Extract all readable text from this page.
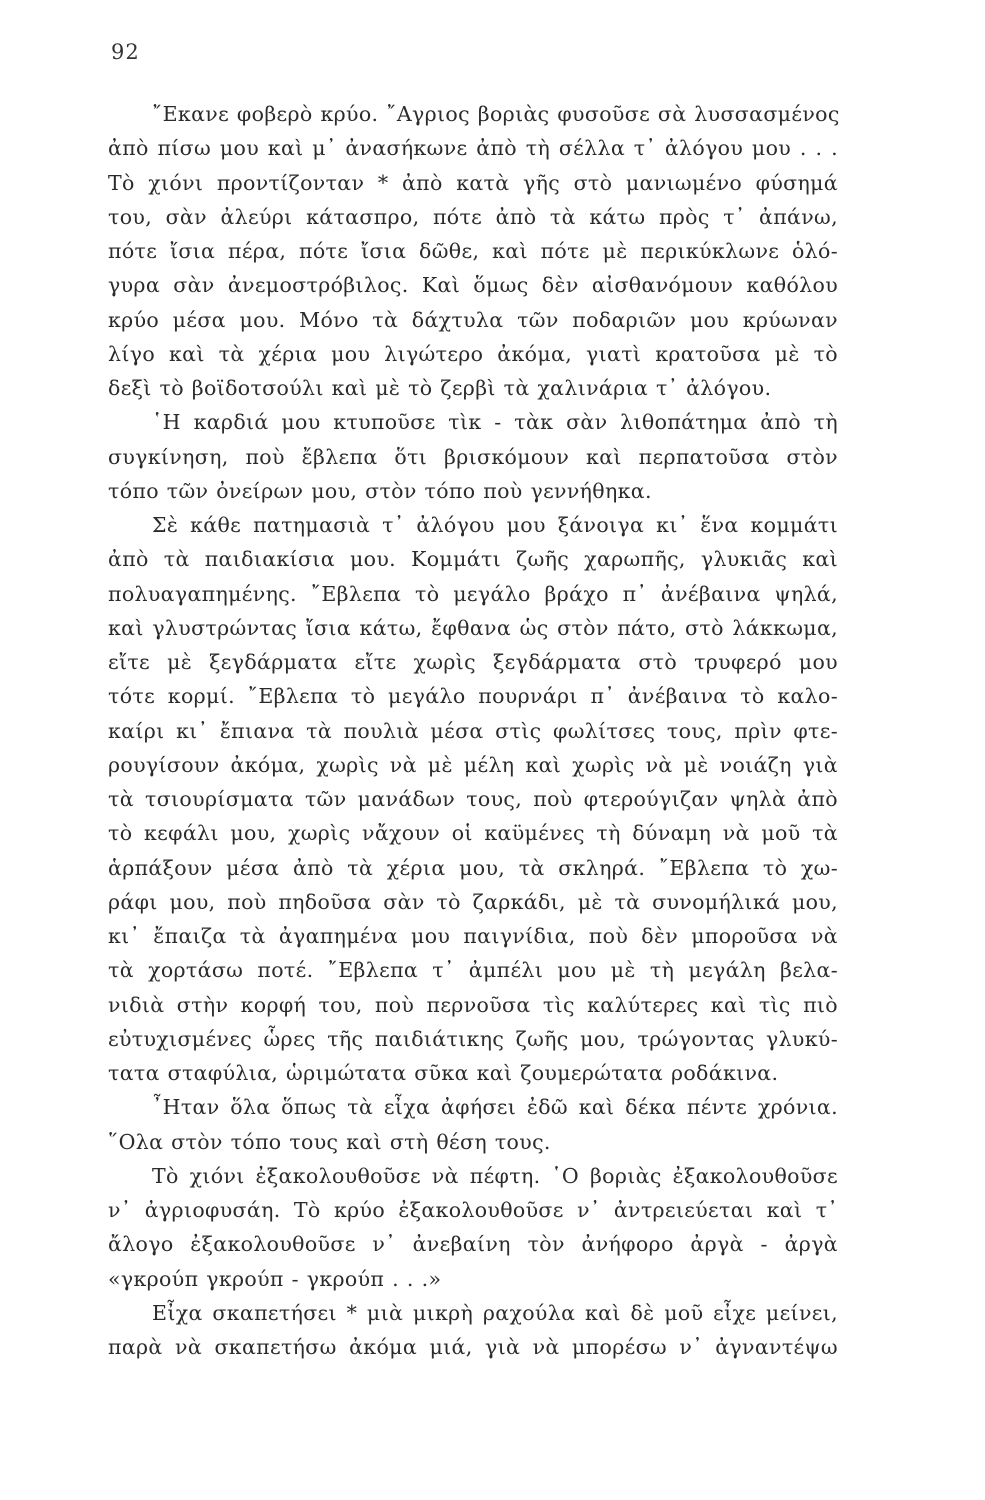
92
῎Εκανε φοβερὸ κρύο. ῎Αγριος βοριὰς φυσοῦσε σὰ λυσσασμένος
ἀπὸ πίσω μου καὶ μ᾿ ἀνασήκωνε ἀπὸ τὴ σέλλα τ᾿ ἀλόγου μου . . .
Τὸ χιόνι προντίζονταν * ἀπὸ κατὰ γῆς στὸ μανιωμένο φύσημά
του, σὰν ἀλεύρι κάτασπρο, πότε ἀπὸ τὰ κάτω πρὸς τ᾿ ἀπάνω,
πότε ἴσια πέρα, πότε ἴσια δῶθε, καὶ πότε μὲ περικύκλωνε ὁλό-
γυρα σὰν ἀνεμοστρόβιλος. Καὶ ὅμως δὲν αἰσθανόμουν καθόλου
κρύο μέσα μου. Μόνο τὰ δάχτυλα τῶν ποδαριῶν μου κρύωναν
λίγο καὶ τὰ χέρια μου λιγώτερο ἀκόμα, γιατὶ κρατοῦσα μὲ τὸ
δεξὶ τὸ βοϊδοτσούλι καὶ μὲ τὸ ζερβὶ τὰ χαλινάρια τ᾿ ἀλόγου.
῾Η καρδιά μου κτυποῦσε τὶκ - τὰκ σὰν λιθοπάτημα ἀπὸ τὴ
συγκίνηση, ποὺ ἔβλεπα ὅτι βρισκόμουν καὶ περπατοῦσα στὸν
τόπο τῶν ὀνείρων μου, στὸν τόπο ποὺ γεννήθηκα.
Σὲ κάθε πατημασιὰ τ᾿ ἀλόγου μου ξάνοιγα κι᾿ ἕνα κομμάτι
ἀπὸ τὰ παιδιακίσια μου. Κομμάτι ζωῆς χαρωπῆς, γλυκιᾶς καὶ
πολυαγαπημένης. ῎Εβλεπα τὸ μεγάλο βράχο π᾿ ἀνέβαινα ψηλά,
καὶ γλυστρώντας ἴσια κάτω, ἔφθανα ὡς στὸν πάτο, στὸ λάκκωμα,
εἴτε μὲ ξεγδάρματα εἴτε χωρὶς ξεγδάρματα στὸ τρυφερό μου
τότε κορμί. ῎Εβλεπα τὸ μεγάλο πουρνάρι π᾿ ἀνέβαινα τὸ καλο-
καίρι κι᾿ ἔπιανα τὰ πουλιὰ μέσα στὶς φωλίτσες τους, πρὶν φτε-
ρουγίσουν ἀκόμα, χωρὶς νὰ μὲ μέλη καὶ χωρὶς νὰ μὲ νοιάζη γιὰ
τὰ τσιουρίσματα τῶν μανάδων τους, ποὺ φτερούγιζαν ψηλὰ ἀπὸ
τὸ κεφάλι μου, χωρὶς νἄχουν οἱ καϋμένες τὴ δύναμη νὰ μοῦ τὰ
ἁρπάξουν μέσα ἀπὸ τὰ χέρια μου, τὰ σκληρά. ῎Εβλεπα τὸ χω-
ράφι μου, ποὺ πηδοῦσα σὰν τὸ ζαρκάδι, μὲ τὰ συνομήλικά μου,
κι᾿ ἔπαιζα τὰ ἀγαπημένα μου παιγνίδια, ποὺ δὲν μποροῦσα νὰ
τὰ χορτάσω ποτέ. ῎Εβλεπα τ᾿ ἀμπέλι μου μὲ τὴ μεγάλη βελα-
νιδιὰ στὴν κορφή του, ποὺ περνοῦσα τὶς καλύτερες καὶ τὶς πιὸ
εὐτυχισμένες ὧρες τῆς παιδιάτικης ζωῆς μου, τρώγοντας γλυκύ-
τατα σταφύλια, ὡριμώτατα σῦκα καὶ ζουμερώτατα ροδάκινα.
῏Ηταν ὅλα ὅπως τὰ εἶχα ἀφήσει ἐδῶ καὶ δέκα πέντε χρόνια.
῞Ολα στὸν τόπο τους καὶ στὴ θέση τους.
Τὸ χιόνι ἐξακολουθοῦσε νὰ πέφτη. ῾Ο βοριὰς ἐξακολουθοῦσε
ν᾿ ἀγριοφυσάη. Τὸ κρύο ἐξακολουθοῦσε ν᾿ ἀντρειεύεται καὶ τ᾿
ἄλογο ἐξακολουθοῦσε ν᾿ ἀνεβαίνη τὸν ἀνήφορο ἀργὰ - ἀργὰ
«γκρούπ γκρούπ - γκρούπ . . .»
Εἶχα σκαπετήσει * μιὰ μικρὴ ραχούλα καὶ δὲ μοῦ εἶχε μείνει,
παρὰ νὰ σκαπετήσω ἀκόμα μιά, γιὰ νὰ μπορέσω ν᾿ ἀγναντέψω
